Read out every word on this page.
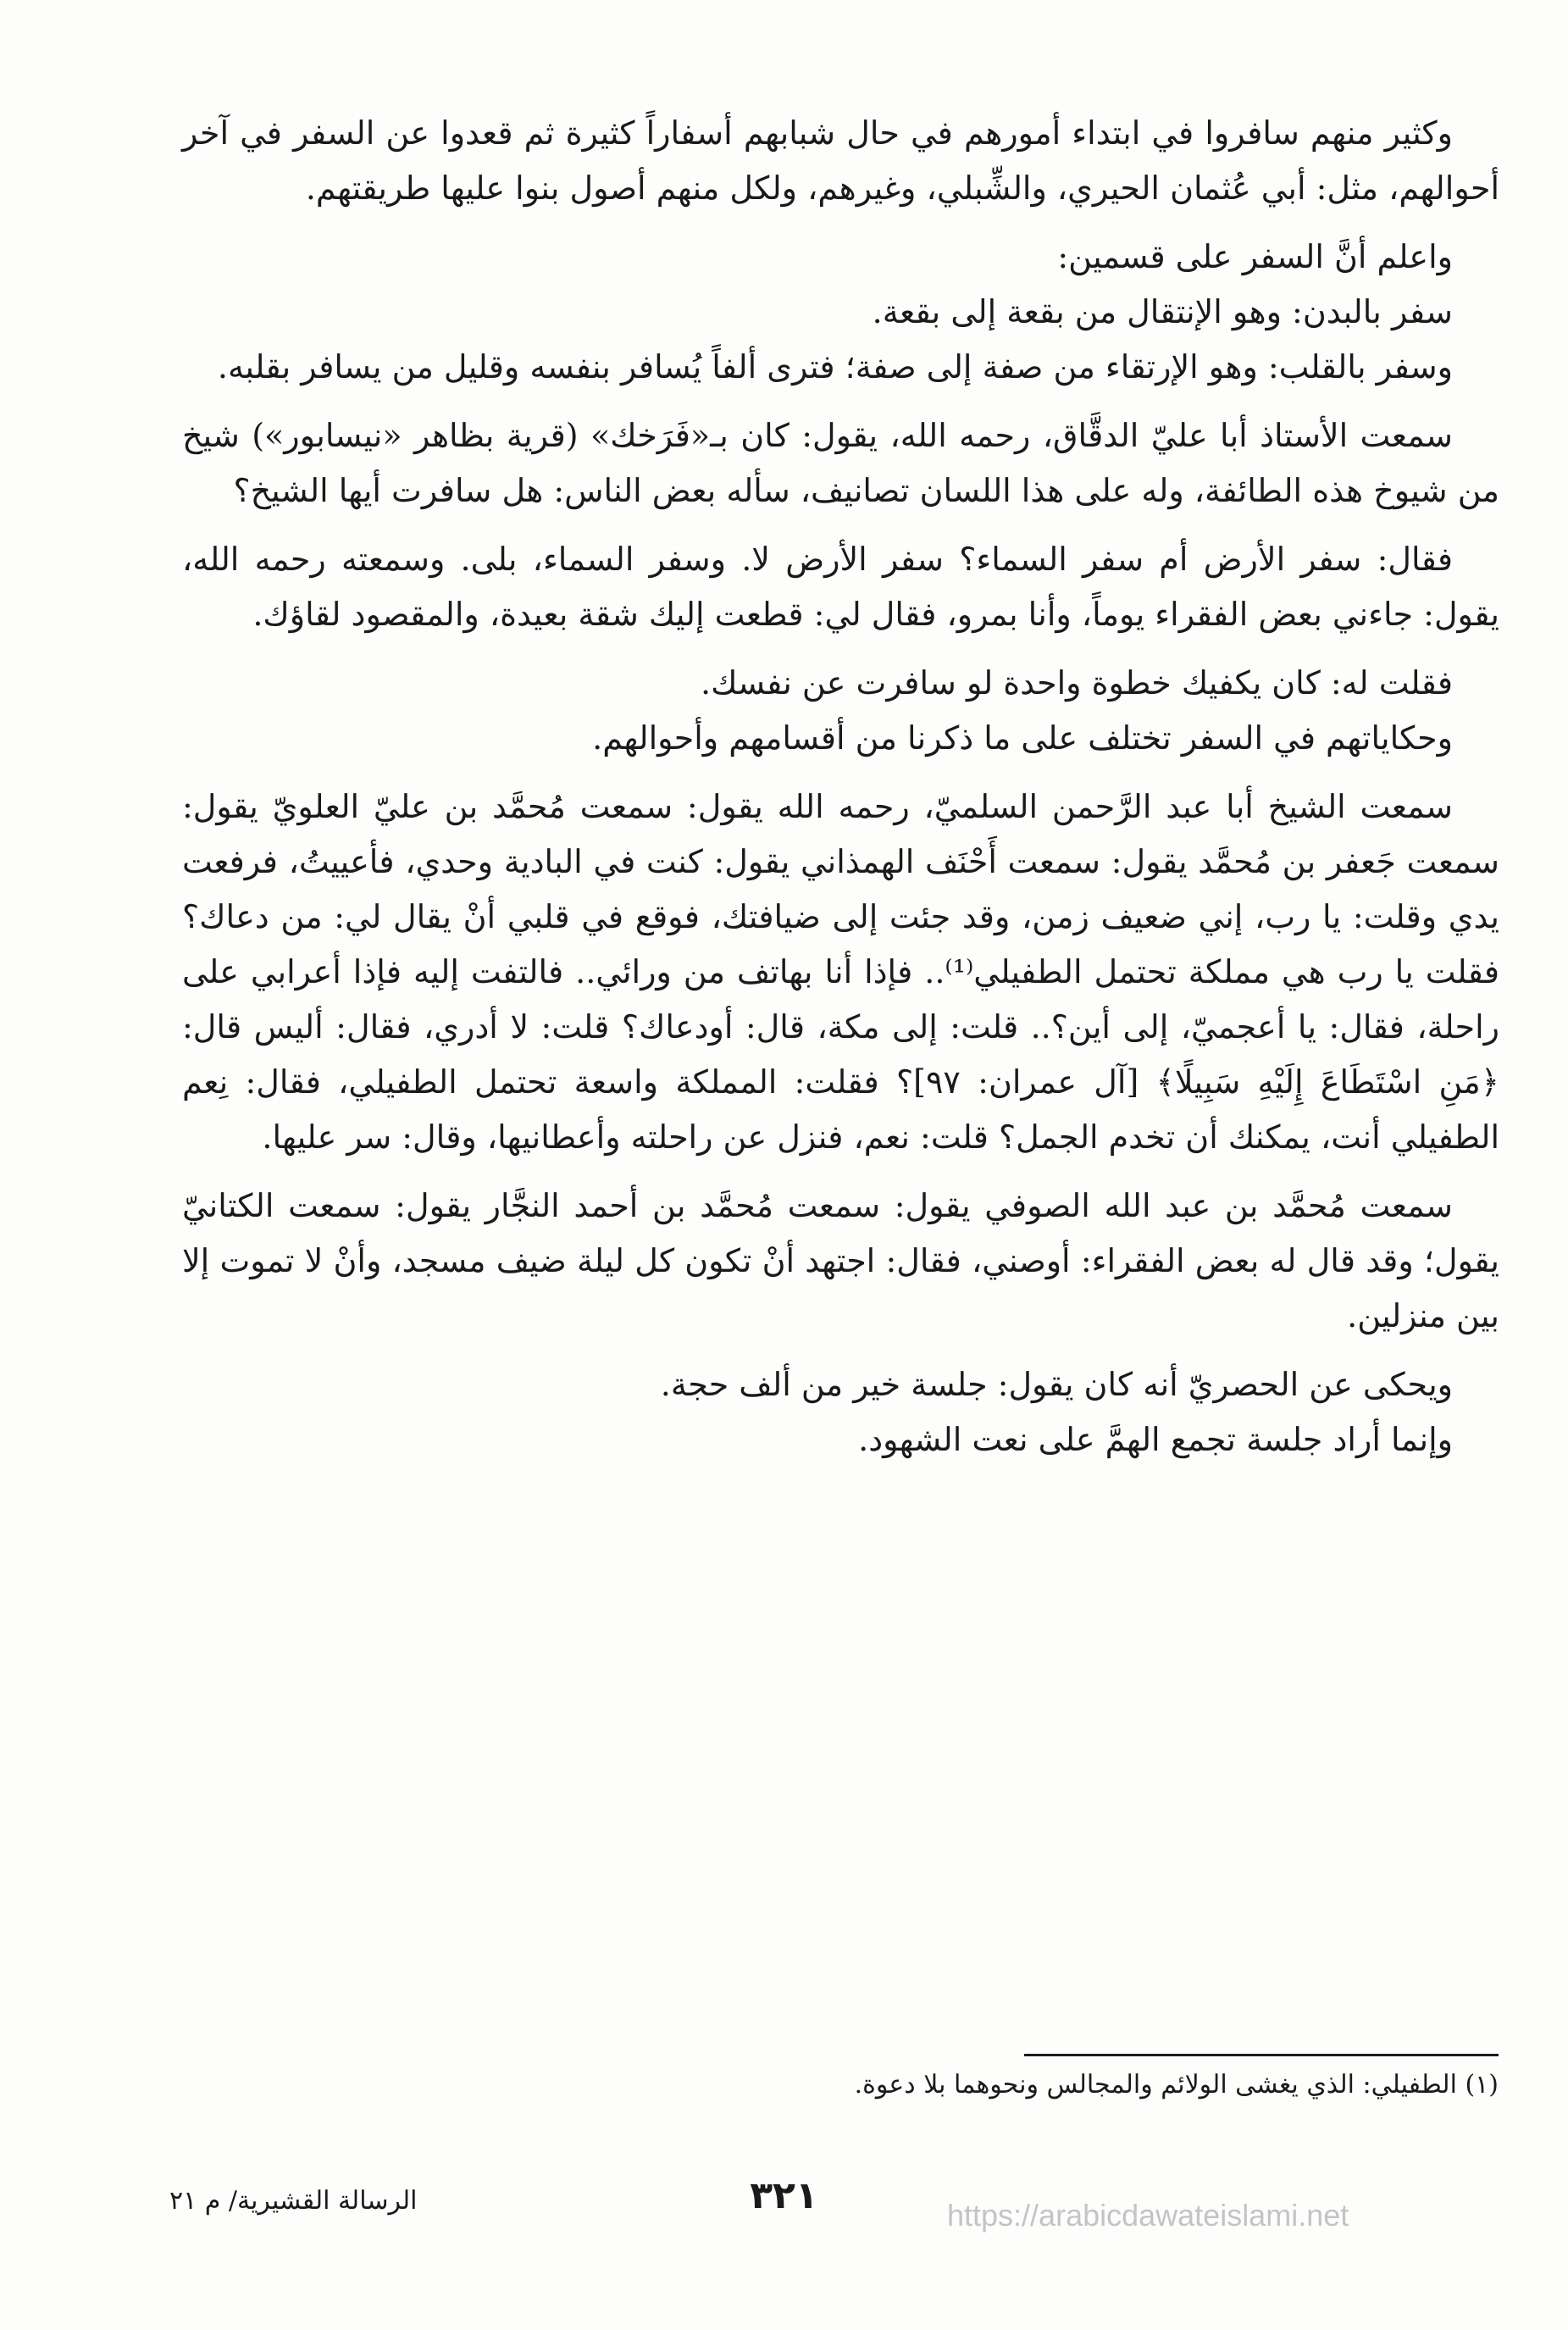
وكثير منهم سافروا في ابتداء أمورهم في حال شبابهم أسفاراً كثيرة ثم قعدوا عن السفر في آخر أحوالهم، مثل: أبي عُثمان الحيري، والشِّبلي، وغيرهم، ولكل منهم أصول بنوا عليها طريقتهم.

واعلم أنَّ السفر على قسمين:

سفر بالبدن: وهو الإنتقال من بقعة إلى بقعة.

وسفر بالقلب: وهو الإرتقاء من صفة إلى صفة؛ فترى ألفاً يُسافر بنفسه وقليل من يسافر بقلبه.

سمعت الأستاذ أبا عليّ الدقَّاق، رحمه الله، يقول: كان بـ«فَرَخك» (قرية بظاهر «نيسابور») شيخ من شيوخ هذه الطائفة، وله على هذا اللسان تصانيف، سأله بعض الناس: هل سافرت أيها الشيخ؟

فقال: سفر الأرض أم سفر السماء؟ سفر الأرض لا. وسفر السماء، بلى. وسمعته رحمه الله، يقول: جاءني بعض الفقراء يوماً، وأنا بمرو، فقال لي: قطعت إليك شقة بعيدة، والمقصود لقاؤك.

فقلت له: كان يكفيك خطوة واحدة لو سافرت عن نفسك.

وحكاياتهم في السفر تختلف على ما ذكرنا من أقسامهم وأحوالهم.

سمعت الشيخ أبا عبد الرَّحمن السلميّ، رحمه الله يقول: سمعت مُحمَّد بن عليّ العلويّ يقول: سمعت جَعفر بن مُحمَّد يقول: سمعت أَحْنَف الهمذاني يقول: كنت في البادية وحدي، فأعييتُ، فرفعت يدي وقلت: يا رب، إني ضعيف زمن، وقد جئت إلى ضيافتك، فوقع في قلبي أنْ يقال لي: من دعاك؟ فقلت يا رب هي مملكة تحتمل الطفيلي⁽¹⁾.. فإذا أنا بهاتف من ورائي.. فالتفت إليه فإذا أعرابي على راحلة، فقال: يا أعجميّ، إلى أين؟.. قلت: إلى مكة، قال: أودعاك؟ قلت: لا أدري، فقال: أليس قال: ﴿مَنِ اسْتَطَاعَ إِلَيْهِ سَبِيلًا﴾ [آل عمران: ٩٧]؟ فقلت: المملكة واسعة تحتمل الطفيلي، فقال: نِعم الطفيلي أنت، يمكنك أن تخدم الجمل؟ قلت: نعم، فنزل عن راحلته وأعطانيها، وقال: سر عليها.

سمعت مُحمَّد بن عبد الله الصوفي يقول: سمعت مُحمَّد بن أحمد النجَّار يقول: سمعت الكتانيّ يقول؛ وقد قال له بعض الفقراء: أوصني، فقال: اجتهد أنْ تكون كل ليلة ضيف مسجد، وأنْ لا تموت إلا بين منزلين.

ويحكى عن الحصريّ أنه كان يقول: جلسة خير من ألف حجة.

وإنما أراد جلسة تجمع الهمَّ على نعت الشهود.

(١) الطفيلي: الذي يغشى الولائم والمجالس ونحوهما بلا دعوة.

٣٢١
الرسالة القشيرية/ م ٢١	https://arabicdawateislami.net
